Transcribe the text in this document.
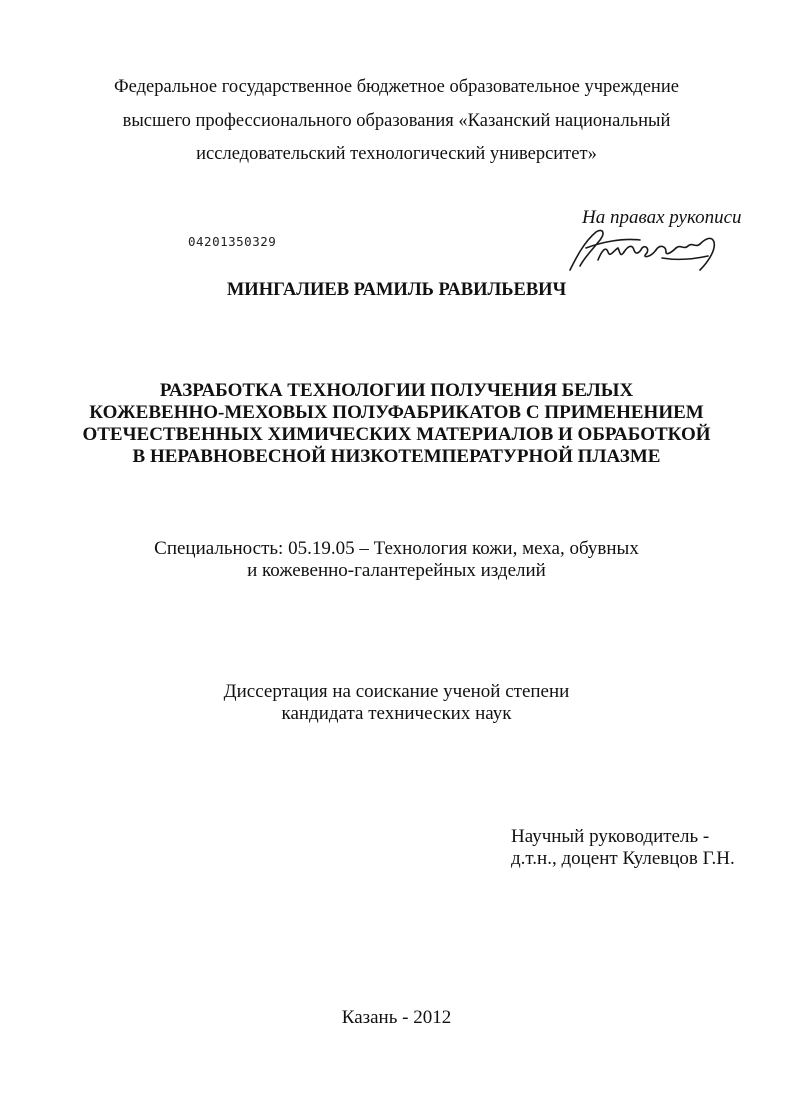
Федеральное государственное бюджетное образовательное учреждение
высшего профессионального образования «Казанский национальный
исследовательский технологический университет»
04201350329
На правах рукописи
МИНГАЛИЕВ РАМИЛЬ РАВИЛЬЕВИЧ
РАЗРАБОТКА ТЕХНОЛОГИИ ПОЛУЧЕНИЯ БЕЛЫХ
КОЖЕВЕННО-МЕХОВЫХ ПОЛУФАБРИКАТОВ С ПРИМЕНЕНИЕМ
ОТЕЧЕСТВЕННЫХ ХИМИЧЕСКИХ МАТЕРИАЛОВ И ОБРАБОТКОЙ
В НЕРАВНОВЕСНОЙ НИЗКОТЕМПЕРАТУРНОЙ ПЛАЗМЕ
Специальность: 05.19.05 – Технология кожи, меха, обувных
и кожевенно-галантерейных изделий
Диссертация на соискание ученой степени
кандидата технических наук
Научный руководитель -
д.т.н., доцент Кулевцов Г.Н.
Казань - 2012
